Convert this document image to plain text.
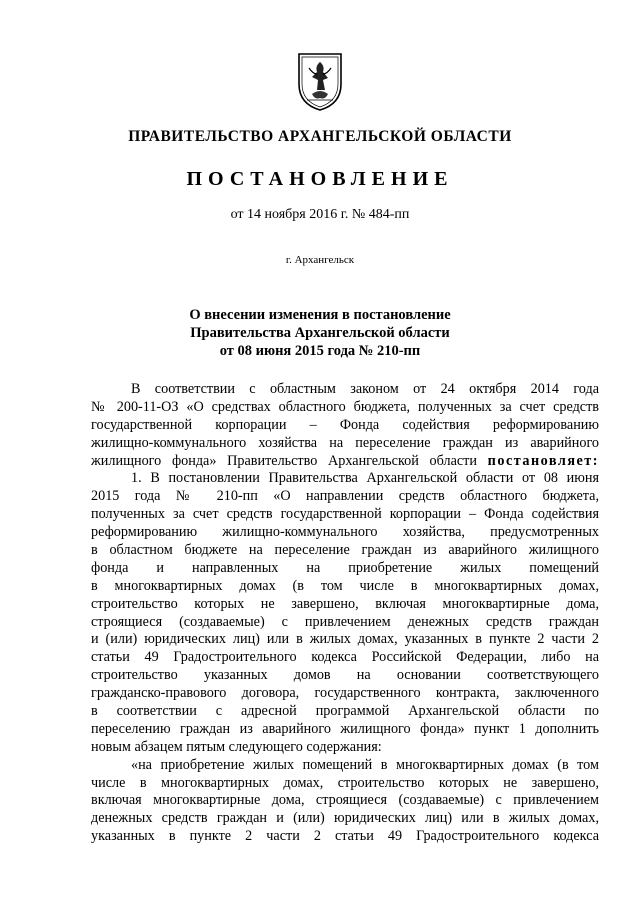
ПРАВИТЕЛЬСТВО АРХАНГЕЛЬСКОЙ ОБЛАСТИ
ПОСТАНОВЛЕНИЕ
от 14 ноября 2016 г. № 484-пп
г. Архангельск
О внесении изменения в постановление
Правительства Архангельской области
от 08 июня 2015 года № 210-пп
В соответствии с областным законом от 24 октября 2014 года
№ 200-11-ОЗ «О средствах областного бюджета, полученных за счет средств
государственной корпорации – Фонда содействия реформированию
жилищно-коммунального хозяйства на переселение граждан из аварийного
жилищного фонда» Правительство Архангельской области постановляет:
1. В постановлении Правительства Архангельской области от 08 июня
2015 года № 210-пп «О направлении средств областного бюджета,
полученных за счет средств государственной корпорации – Фонда содействия
реформированию жилищно-коммунального хозяйства, предусмотренных
в областном бюджете на переселение граждан из аварийного жилищного
фонда и направленных на приобретение жилых помещений
в многоквартирных домах (в том числе в многоквартирных домах,
строительство которых не завершено, включая многоквартирные дома,
строящиеся (создаваемые) с привлечением денежных средств граждан
и (или) юридических лиц) или в жилых домах, указанных в пункте 2 части 2
статьи 49 Градостроительного кодекса Российской Федерации, либо на
строительство указанных домов на основании соответствующего
гражданско-правового договора, государственного контракта, заключенного
в соответствии с адресной программой Архангельской области по
переселению граждан из аварийного жилищного фонда» пункт 1 дополнить
новым абзацем пятым следующего содержания:
«на приобретение жилых помещений в многоквартирных домах (в том
числе в многоквартирных домах, строительство которых не завершено,
включая многоквартирные дома, строящиеся (создаваемые) с привлечением
денежных средств граждан и (или) юридических лиц) или в жилых домах,
указанных в пункте 2 части 2 статьи 49 Градостроительного кодекса
